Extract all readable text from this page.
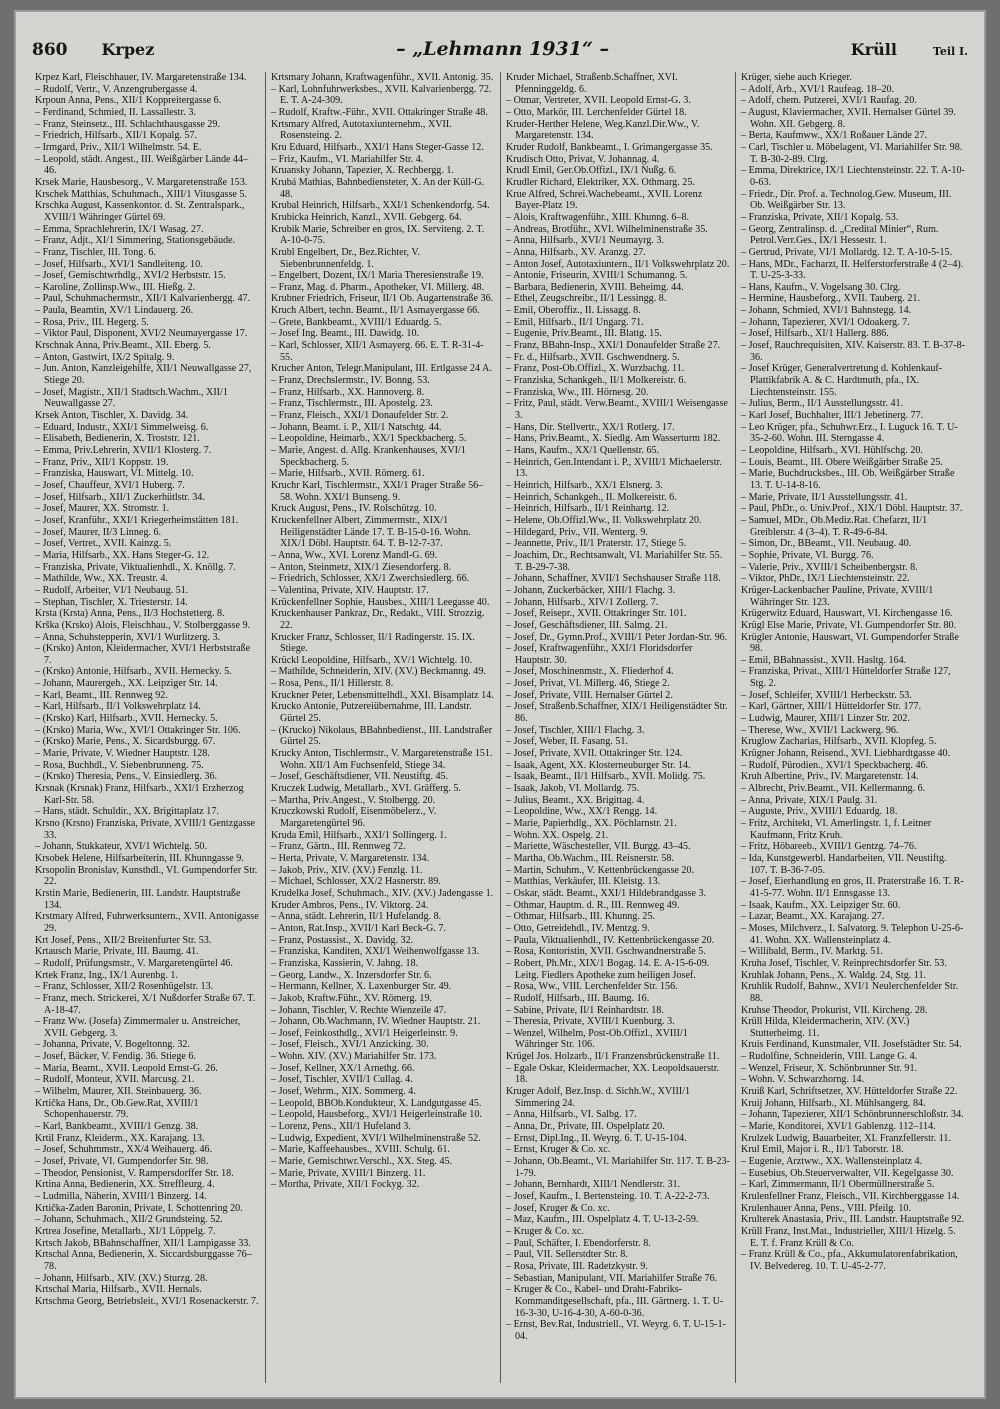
860 Krpez	– „Lehmann 1931“ –	Krüll	Teil I.

Krpez Karl, Fleischhauer, IV. Margaretenstraße 134.

– Rudolf, Vertr., V. Anzengrubergasse 4.

Krpoun Anna, Pens., XII/1 Koppreitergasse 6.

– Ferdinand, Schmied, II. Lassallestr. 3.

– Franz, Steinsetz., III. Schlachthausgasse 29.

– Friedrich, Hilfsarb., XII/1 Kopalg. 57.

– Irmgard, Priv., XII/1 Wilhelmstr. 54. E.

– Leopold, städt. Angest., III. Weißgärber Lände 44–46.

Krsek Marie, Hausbesorg., V. Margaretenstraße 153.

Krschek Matthias, Schuhmach., XIII/1 Vitusgasse 5.

Krschka August, Kassenkontor. d. St. Zentralspark., XVIII/1 Währinger Gürtel 69.

– Emma, Sprachlehrerin, IX/1 Wasag. 27.

– Franz, Adjt., XI/1 Simmering, Stationsgebäude.

– Franz, Tischler, III. Tong. 6.

– Josef, Hilfsarb., XVI/1 Sandleiteng. 10.

– Josef, Gemischtwrhdlg., XVI/2 Herbststr. 15.

– Karoline, Zollinsp.Ww., III. Hießg. 2.

– Paul, Schuhmachermstr., XII/1 Kalvarienbergg. 47.

– Paula, Beamtin, XV/1 Lindauerg. 26.

– Rosa, Priv., III. Hegerg. 5.

– Viktor Paul, Disponent, XVI/2 Neumayergasse 17.

Krschnak Anna, Priv.Beamt., XII. Eberg. 5.

– Anton, Gastwirt, IX/2 Spitalg. 9.

– Jun. Anton, Kanzleigehilfe, XII/1 Neuwallgasse 27, Stiege 20.

– Josef, Magistr., XII/1 Stadtsch.Wachm., XII/1 Neuwallgasse 27.

Krsek Anton, Tischler, X. Davidg. 34.

– Eduard, Industr., XXI/1 Simmelweisg. 6.

– Elisabeth, Bedienerin, X. Troststr. 121.

– Emma, Priv.Lehrerin, XVII/1 Klosterg. 7.

– Franz, Priv., XII/1 Koppstr. 19.

– Franziska, Hauswart, VI. Mittelg. 10.

– Josef, Chauffeur, XVI/1 Huberg. 7.

– Josef, Hilfsarb., XII/1 Zuckerhütlstr. 34.

– Josef, Maurer, XX. Stromstr. 1.

– Josef, Kranführ., XXI/1 Kriegerheimstätten 181.

– Josef, Maurer, II/3 Linneg. 6.

– Josef, Vertret., XVII. Kainzg. 5.

– Maria, Hilfsarb., XX. Hans Steger-G. 12.

– Franziska, Private, Viktualienhdl., X. Knöllg. 7.

– Mathilde, Ww., XX. Treustr. 4.

– Rudolf, Arbeiter, VI/1 Neubaug. 51.

– Stephan, Tischler, X. Triesterstr. 14.

Krsta (Krsta) Anna, Pens., II/3 Hochstetterg. 8.

Krška (Krsko) Alois, Fleischhau., V. Stolberggasse 9.

– Anna, Schuhstepperin, XVI/1 Wurlitzerg. 3.

– (Krsko) Anton, Kleidermacher, XVI/1 Herbststraße 7.

– (Krsko) Antonie, Hilfsarb., XVII. Hernecky. 5.

– Johann, Maurergeh., XX. Leipziger Str. 14.

– Karl, Beamt., III. Rennweg 92.

– Karl, Hilfsarb., II/1 Volkswehrplatz 14.

– (Krsko) Karl, Hilfsarb., XVII. Hernecky. 5.

– (Krsko) Maria, Ww., XVI/1 Ottakringer Str. 106.

– (Krsko) Marie, Pens., X. Sicardsburgg. 67.

– Marie, Private, V. Wiedner Hauptstr. 128.

– Rosa, Buchhdl., V. Siebenbrunneng. 75.

– (Krsko) Theresia, Pens., V. Einsiedlerg. 36.

Krsnak (Krsnak) Franz, Hilfsarb., XXI/1 Erzherzog Karl-Str. 58.

– Hans, städt. Schuldir., XX. Brigittaplatz 17.

Krsno (Krsno) Franziska, Private, XVIII/1 Gentzgasse 33.

– Johann, Stukkateur, XVI/1 Wichtelg. 50.

Krsobek Helene, Hilfsarbeiterin, III. Khunngasse 9.

Krsopolin Bronislav, Kunsthdl., VI. Gumpendorfer Str. 22.

Krstin Marie, Bedienerin, III. Landstr. Hauptstraße 134.

Krstmary Alfred, Fuhrwerksuntern., XVII. Antonigasse 29.

Krt Josef, Pens., XII/2 Breitenfurter Str. 53.

Krtausch Marie, Private, III. Baumg. 41.

– Rudolf, Prüfungsmstr., V. Margaretengürtel 46.

Krtek Franz, Ing., IX/1 Aurenbg. 1.

– Franz, Schlosser, XII/2 Rosenhügelstr. 13.

– Franz, mech. Strickerei, X/1 Nußdorfer Straße 67. T. A-18-47.

– Franz Ww. (Josefa) Zimmermaler u. Anstreicher, XVII. Gebgerg. 3.

– Johanna, Private, V. Bogeltonng. 32.

– Josef, Bäcker, V. Fendig. 36. Stiege 6.

– Maria, Beamt., XVII. Leopold Ernst-G. 26.

– Rudolf, Monteur, XVII. Marcusg. 21.

– Wilhelm, Maurer, XII. Steinbauerg. 36.

Krtička Hans, Dr., Ob.Gew.Rat, XVIII/1 Schopenhauerstr. 79.

– Karl, Bankbeamt., XVIII/1 Genzg. 38.

Krtil Franz, Kleiderm., XX. Karajang. 13.

– Josef, Schuhmmstr., XX/4 Weihauerg. 46.

– Josef, Private, VI. Gumpendorfer Str. 98.

– Theodor, Pensionist, V. Rampersdorffer Str. 18.

Krtina Anna, Bedienerin, XX. Streffleurg. 4.

– Ludmilla, Näherin, XVIII/1 Binzerg. 14.

Krtička-Zaden Baronin, Private, I. Schottenring 20.

– Johann, Schuhmach., XII/2 Grundsteing. 52.

Krtrea Josefine, Metallarb., XI/1 Löppelg. 7.

Krtsch Jakob, BBahnschaffner, XII/1 Lampigasse 33.

Krtschal Anna, Bedienerin, X. Siccardsburggasse 76–78.

– Johann, Hilfsarb., XIV. (XV.) Sturzg. 28.

Krtschal Maria, Hilfsarb., XVII. Hernals.

Krtschma Georg, Betriebsleit., XVI/1 Rosenackerstr. 7.

Krtsmary Johann, Kraftwagenführ., XVII. Antonig. 35.

– Karl, Lohnfuhrwerksbes., XVII. Kalvarienbergg. 72. E. T. A-24-309.

– Rudolf, Kraftw.-Führ., XVII. Ottakringer Straße 48.

Krtsmary Alfred, Autotaxiunternehm., XVII. Rosensteing. 2.

Kru Eduard, Hilfsarb., XXI/1 Hans Steger-Gasse 12.

– Friz, Kaufm., VI. Mariahilfer Str. 4.

Kruansky Johann, Tapezier, X. Rechbergg. 1.

Krubá Mathias, Bahnbediensteter, X. An der Küll-G. 48.

Krubal Heinrich, Hilfsarb., XXI/1 Schenkendorfg. 54.

Krubicka Heinrich, Kanzl., XVII. Gebgerg. 64.

Krubik Marie, Schreiber en gros, IX. Serviteng. 2. T. A-10-0-75.

Krubl Engelbert, Dr., Bez.Richter, V. Siebenbrunnenfeldg. 1.

– Engelbert, Dozent, IX/1 Maria Theresienstraße 19.

– Franz, Mag. d. Pharm., Apotheker, VI. Millerg. 48.

Krubner Friedrich, Friseur, II/1 Ob. Augartenstraße 36.

Kruch Albert, techn. Beamt., II/1 Asmayergasse 66.

– Grete, Bankbeamt., XVIII/1 Eduardg. 5.

– Josef Ing. Beamt., III. Dawidg. 10.

– Karl, Schlosser, XII/1 Asmayerg. 66. E. T. R-31-4-55.

Krucher Anton, Telegr.Manipulant, III. Ertlgasse 24 A.

– Franz, Drechslermstr., IV. Bonng. 53.

– Franz, Hilfsarb., XX. Hannoverg. 8.

– Franz, Tischlermstr., III. Apostelg. 23.

– Franz, Fleisch., XXI/1 Donaufelder Str. 2.

– Johann, Beamt. i. P., XII/1 Natschtg. 44.

– Leopoldine, Heimarb., XX/1 Speckbacherg. 5.

– Marie, Angest. d. Allg. Krankenhauses, XVI/1 Speckbacherg. 5.

– Marie, Hilfsarb., XVII. Römerg. 61.

Kruchr Karl, Tischlermstr., XXI/1 Prager Straße 56–58. Wohn. XXI/1 Bunseng. 9.

Kruck August, Pens., IV. Rolschützg. 10.

Kruckenfellner Albert, Zimmermstr., XIX/1 Heiligenstädter Lände 17. T. B-15-0-16. Wohn. XIX/1 Döbl. Hauptstr. 64. T. B-12-7-37.

– Anna, Ww., XVI. Lorenz Mandl-G. 69.

– Anton, Steinmetz, XIX/1 Ziesendorferg. 8.

– Friedrich, Schlosser, XX/1 Zwerchsiedlerg. 66.

– Valentina, Private, XIV. Hauptstr. 17.

Krückenfellner Sophie, Hausbes., XIII/1 Leegasse 40.

Kruckenhauser Pankraz, Dr., Redakt., VIII. Strozzig. 22.

Krucker Franz, Schlosser, II/1 Radingerstr. 15. IX. Stiege.

Krückl Leopoldine, Hilfsarb., XV/1 Wichtelg. 10.

– Mathilde, Schneiderin, XIV. (XV.) Beckmanng. 49.

– Rosa, Pens., II/1 Hillerstr. 8.

Kruckner Peter, Lebensmittelhdl., XXI. Bisamplatz 14.

Krucko Antonie, Putzereiübernahme, III. Landstr. Gürtel 25.

– (Krucko) Nikolaus, BBahnbedienst., III. Landstraßer Gürtel 25.

Krucky Anton, Tischlermstr., V. Margaretenstraße 151. Wohn. XII/1 Am Fuchsenfeld, Stiege 34.

– Josef, Geschäftsdiener, VII. Neustiftg. 45.

Kruczek Ludwig, Metallarb., XVI. Gräfferg. 5.

– Martha, Priv.Angest., V. Stolbergg. 20.

Kruczkowski Rudolf, Eisenmöbelerz., V. Margaretengürtel 96.

Kruda Emil, Hilfsarb., XXI/1 Sollingerg. 1.

– Franz, Gärtn., III. Rennweg 72.

– Herta, Private, V. Margaretenstr. 134.

– Jakob, Priv., XIV. (XV.) Fenzlg. 11.

– Michael, Schlosser, XX/2 Hasnerstr. 89.

Krudelka Josef, Schuhmach., XIV. (XV.) Jadengasse 1.

Kruder Ambros, Pens., IV. Viktorg. 24.

– Anna, städt. Lehrerin, II/1 Hufelandg. 8.

– Anton, Rat.Insp., XVII/1 Karl Beck-G. 7.

– Franz, Postassist., X. Davidg. 32.

– Franziska, Kanditen, XXI/1 Weihenwolfgasse 13.

– Franziska, Kassierin, V. Jahng. 18.

– Georg, Landw., X. Inzersdorfer Str. 6.

– Hermann, Kellner, X. Laxenburger Str. 49.

– Jakob, Kraftw.Führ., XV. Römerg. 19.

– Johann, Tischler, V. Rechte Wienzeile 47.

– Johann, Ob.Wachmann, IV. Wiedner Hauptstr. 21.

– Josef, Feinkosthdlg., XVI/1 Heigerleinstr. 9.

– Josef, Fleisch., XVI/1 Anzicking. 30.

– Wohn. XIV. (XV.) Mariahilfer Str. 173.

– Josef, Kellner, XX/1 Arnethg. 66.

– Josef, Tischler, XVII/1 Cullag. 4.

– Josef, Wehrm., XIX. Sommerg. 4.

– Leopold, BBOb.Kondukteur, X. Landgutgasse 45.

– Leopold, Hausbeforg., XVI/1 Heigerleinstraße 10.

– Lorenz, Pens., XII/1 Hufeland 3.

– Ludwig, Expedient, XVI/1 Wilhelminenstraße 52.

– Marie, Kaffeehausbes., XVIII. Schulg. 61.

– Marie, Gemischtwr.Verschl., XX. Steg. 45.

– Marie, Private, XVIII/1 Binzerg. 11.

– Mortha, Private, XII/1 Fockyg. 32.

Kruder Michael, Straßenb.Schaffner, XVI. Pfenninggeldg. 6.

– Otmar, Vertreter, XVII. Leopold Ernst-G. 3.

– Otto, Markör, III. Lerchenfelder Gürtel 18.

Kruder-Herther Helene, Weg.Kanzl.Dir.Ww., V. Margaretenstr. 134.

Kruder Rudolf, Bankbeamt., I. Grimangergasse 35.

Krudisch Otto, Privat, V. Johannag. 4.

Krudl Emil, Ger.Ob.Offizl., IX/1 Nußg. 6.

Krudler Richard, Elektriker, XX. Othmarg. 25.

Krue Alfred, Schrei.Wachebeamt., XVII. Lorenz Bayer-Platz 19.

– Alois, Kraftwagenführ., XIII. Khunng. 6–8.

– Andreas, Brotführ., XVI. Wilhelminenstraße 35.

– Anna, Hilfsarb., XVI/1 Neumayrg. 3.

– Anna, Hilfsarb., XV. Aranzg. 27.

– Anton Josef, Autotaxiuntern., II/1 Volkswehrplatz 20.

– Antonie, Friseurin, XVIII/1 Schumanng. 5.

– Barbara, Bedienerin, XVIII. Beheimg. 44.

– Ethel, Zeugschreibr., II/1 Lessingg. 8.

– Emil, Oberoffiz., II. Lissagg. 8.

– Emil, Hilfsarb., II/1 Ungarg. 71.

– Eugenie, Priv.Beamt., III. Blattg. 15.

– Franz, BBahn-Insp., XXI/1 Donaufelder Straße 27.

– Fr. d., Hilfsarb., XVII. Gschwendnerg. 5.

– Franz, Post-Ob.Offizl., X. Wurzbachg. 11.

– Franziska, Schankgeh., II/1 Molkereistr. 6.

– Franziska, Ww., III. Hörnesg. 20.

– Fritz, Paul, städt. Verw.Beamt., XVIII/1 Weisengasse 3.

– Hans, Dir. Stellvertr., XX/1 Rotlerg. 17.

– Hans, Priv.Beamt., X. Siedlg. Am Wasserturm 182.

– Hans, Kaufm., XX/1 Quellenstr. 65.

– Heinrich, Gen.Intendant i. P., XVIII/1 Michaelerstr. 13.

– Heinrich, Hilfsarb., XX/1 Elsnerg. 3.

– Heinrich, Schankgeh., II. Molkereistr. 6.

– Heinrich, Hilfsarb., II/1 Reinhartg. 12.

– Helene, Ob.Offizl.Ww., II. Volkswehrplatz 20.

– Hildegard, Priv., VII. Wenterg. 9.

– Jeannette, Priv., II/1 Praterstr. 17, Stiege 5.

– Joachim, Dr., Rechtsanwalt, VI. Mariahilfer Str. 55. T. B-29-7-38.

– Johann, Schaffner, XVII/1 Sechshauser Straße 118.

– Johann, Zuckerbäcker, XIII/1 Flachg. 3.

– Johann, Hilfsarb., XIV/1 Zollerg. 7.

– Josef, Reisepr., XVII. Ottakringer Str. 101.

– Josef, Geschäftsdiener, III. Salmg. 21.

– Josef, Dr., Gymn.Prof., XVIII/1 Peter Jordan-Str. 96.

– Josef, Kraftwagenführ., XXI/1 Floridsdorfer Hauptstr. 30.

– Josef, Moschinenmstr., X. Fliederhof 4.

– Josef, Privat, VI. Millerg. 46, Stiege 2.

– Josef, Private, VIII. Hernalser Gürtel 2.

– Josef, Straßenb.Schaffner, XIX/1 Heiligenstädter Str. 86.

– Josef, Tischler, XIII/1 Flachg. 3.

– Josef, Weber, II. Fasang. 51.

– Josef, Private, XVII. Ottakringer Str. 124.

– Isaak, Agent, XX. Klosterneuburger Str. 14.

– Isaak, Beamt., II/1 Hilfsarb., XVII. Molidg. 75.

– Isaak, Jakob, VI. Mollardg. 75.

– Julius, Beamt., XX. Brigittag. 4.

– Leopoldine, Ww., XX/1 Rengg. 14.

– Marie, Papierhdlg., XX. Pöchlarnstr. 21.

– Wohn. XX. Ospelg. 21.

– Mariette, Wäschesteller, VII. Burgg. 43–45.

– Martha, Ob.Wachm., III. Reisnerstr. 58.

– Martin, Schuhm., V. Kettenbrückengasse 20.

– Matthias, Verkäufer, III. Kleistg. 13.

– Oskar, städt. Beamt., XXI/1 Hildebrandgasse 3.

– Othmar, Hauptm. d. R., III. Rennweg 49.

– Othmar, Hilfsarb., III. Khunng. 25.

– Otto, Getreidehdl., IV. Mentzg. 9.

– Paula, Viktualienhdl., IV. Kettenbrückengasse 20.

– Rosa, Kontoristin, XVII. Gschwandnerstraße 5.

– Robert, Ph.Mr., XIX/1 Bogag. 14. E. A-15-6-09. Leitg. Fiedlers Apotheke zum heiligen Josef.

– Rosa, Ww., VIII. Lerchenfelder Str. 156.

– Rudolf, Hilfsarb., III. Baumg. 16.

– Sabine, Private, II/1 Reinhardtstr. 18.

– Theresia, Private, XVIII/1 Kuenburg. 3.

– Wenzel, Wilhelm, Post-Ob.Offizl., XVIII/1 Währinger Str. 106.

Krügel Jos. Holzarb., II/1 Franzensbrückenstraße 11.

– Egale Oskar, Kleidermacher, XX. Leopoldsauerstr. 18.

Kruger Adolf, Bez.Insp. d. Sichh.W., XVIII/1 Simmering 24.

– Anna, Hilfsarb., VI. Salbg. 17.

– Anna, Dr., Private, III. Ospelplatz 20.

– Ernst, Dipl.Ing., II. Weyrg. 6. T. U-15-104.

– Ernst, Kruger & Co. xc.

– Johann, Ob.Beamt., VI. Mariahilfer Str. 117. T. B-23-1-79.

– Johann, Bernhardt, XIII/1 Nendlerstr. 31.

– Josef, Kaufm., I. Bertensteing. 10. T. A-22-2-73.

– Josef, Kruger & Co. xc.

– Maz, Kaufm., III. Ospelplatz 4. T. U-13-2-59.

– Kruger & Co. xc.

– Paul, Schäfter, I. Ebendorferstr. 8.

– Paul, VII. Sellerstdter Str. 8.

– Rosa, Private, III. Radetzkystr. 9.

– Sebastian, Manipulant, VII. Mariahilfer Straße 76.

– Kruger & Co., Kabel- und Draht-Fabriks-Kommanditgesellschaft, pfa., III. Gärtnerg. 1. T. U-16-3-30, U-16-4-30, A-60-0-36.

– Ernst, Bev.Rat, Industriell., VI. Weyrg. 6. T. U-15-1-04.

Krüger, siehe auch Krieger.

– Adolf, Arb., XVI/1 Raufeag. 18–20.

– Adolf, chem. Putzerei, XVI/1 Raufag. 20.

– August, Klaviermacher, XVII. Hernalser Gürtel 39. Wohn. XII. Gebgerg. 8.

– Berta, Kaufmww., XX/1 Roßauer Lände 27.

– Carl, Tischler u. Möbelagent, VI. Mariahilfer Str. 98. T. B-30-2-89. Clrg.

– Emma, Direktrice, IX/1 Liechtensteinstr. 22. T. A-10-0-63.

– Friedr., Dir. Prof. a. Technolog.Gew. Museum, III. Ob. Weißgärber Str. 13.

– Franziska, Private, XII/1 Kopalg. 53.

– Georg, Zentralinsp. d. „Credital Minier“, Rum. Petrol.Verr.Ges., IX/1 Hessestr. 1.

– Gertrud, Private, VI/1 Mollardg. 12. T. A-10-5-15.

– Hans, MDr., Facharzt, II. Helferstorferstraße 4 (2–4). T. U-25-3-33.

– Hans, Kaufm., V. Vogelsang 30. Clrg.

– Hermine, Hausbeforg., XVII. Tauberg. 21.

– Johann, Schmied, XVI/1 Bahnstegg. 14.

– Johann, Tapezierer, XVI/1 Odoakerg. 7.

– Josef, Hilfsarb., XI/1 Hallerg. 886.

– Josef, Rauchrequisiten, XIV. Kaiserstr. 83. T. B-37-8-36.

– Josef Krüger, Generalvertretung d. Kohlenkauf-Plattikfabrik A. & C. Hardtmuth, pfa., IX. Liechtensteinstr. 155.

– Julius, Berm., II/1 Ausstellungsstr. 41.

– Karl Josef, Buchhalter, III/1 Jebetinerg. 77.

– Leo Krüger, pfa., Schuhwr.Erz., I. Luguck 16. T. U-35-2-60. Wohn. III. Sterngasse 4.

– Leopoldine, Hilfsarb., XVI. Hühlfschg. 20.

– Louis, Beamt., III. Obere Weißgärber Straße 25.

– Marie, Buchdrucksbes., III. Ob. Weißgärber Straße 13. T. U-14-8-16.

– Marie, Private, II/1 Ausstellungsstr. 41.

– Paul, PhDr., o. Univ.Prof., XIX/1 Döbl. Hauptstr. 37.

– Samuel, MDr., Ob.Mediz.Rat. Chefarzt, II/1 Greiblerstr. 4 (3–4). T. R-49-6-84.

– Simon, Dr., BBeamt., VII. Neubaug. 40.

– Sophie, Private, VI. Burgg. 76.

– Valerie, Priv., XVIII/1 Scheibenbergstr. 8.

– Viktor, PhDr., IX/1 Liechtensteinstr. 22.

Krüger-Lackenbacher Pauline, Private, XVIII/1 Währinger Str. 123.

Krügerwitz Eduard, Hauswart, VI. Kirchengasse 16.

Krügl Else Marie, Private, VI. Gumpendorfer Str. 80.

Krügler Antonie, Hauswart, VI. Gumpendorfer Straße 98.

– Emil, BBahnassist., XVII. Hasltg. 164.

– Franziska, Privat., XIII/1 Hütteldorfer Straße 127, Stg. 2.

– Josef, Schleifer, XVIII/1 Herbeckstr. 53.

– Karl, Gärtner, XIII/1 Hütteldorfer Str. 177.

– Ludwig, Maurer, XIII/1 Linzer Str. 202.

– Therese, Ww., XVII/1 Lackwerg. 96.

Kruglow Zacharias, Hilfsarb., XVII. Klopfeg. 5.

Krügner Johann, Reisend., XVI. Liebhardtgasse 40.

– Rudolf, Pürodien., XVI/1 Speckbacherg. 46.

Kruh Albertine, Priv., IV. Margaretenstr. 14.

– Albrecht, Priv.Beamt., VII. Kellermanng. 6.

– Anna, Private, XIX/1 Paulg. 31.

– Auguste, Priv., XVIII/1 Eduardg. 18.

– Fritz, Architekt, VI. Amerlingstr. 1, f. Leitner Kaufmann, Fritz Kruh.

– Fritz, Höbareeb., XVIII/1 Gentzg. 74–76.

– Ida, Kunstgewerbl. Handarbeiten, VII. Neustiftg. 107. T. B-36-7-05.

– Josef, Eierhandlung en gros, II. Praterstraße 16. T. R-41-5-77. Wohn. II/1 Ennsgasse 13.

– Isaak, Kaufm., XX. Leipziger Str. 60.

– Lazar, Beamt., XX. Karajang. 27.

– Moses, Milchverz., I. Salvatorg. 9. Telephon U-25-6-41. Wohn. XX. Wallensteinplatz 4.

– Willibald, Berm., IV. Marktg. 51.

Kruha Josef, Tischler, V. Reinprechtsdorfer Str. 53.

Kruhlak Johann, Pens., X. Waldg. 24, Stg. 11.

Kruhlik Rudolf, Bahnw., XVI/1 Neulerchenfelder Str. 88.

Kruhse Theodor, Prokurist, VII. Kircheng. 28.

Krüll Hilda, Kleidermacherin, XIV. (XV.) Stutterheimg. 11.

Kruis Ferdinand, Kunstmaler, VII. Josefstädter Str. 54.

– Rudolfine, Schneiderin, VIII. Lange G. 4.

– Wenzel, Friseur, X. Schönbrunner Str. 91.

– Wohn. V. Schwarzhorng. 14.

Kruiß Karl, Schriftsetzer, XV. Hütteldorfer Straße 22.

Kruij Johann, Hilfsarb., XI. Mühlsangerg. 84.

– Johann, Tapezierer, XII/1 Schönbrunnerschloßstr. 34.

– Marie, Konditorei, XVI/1 Gablenzg. 112–114.

Krulzek Ludwig, Bauarbeiter, XI. Franzfellerstr. 11.

Krul Emil, Major i. R., II/1 Taborstr. 18.

– Eugenie, Arztww., XX. Wallensteinplatz 4.

– Eusebius, Ob.Steuerverwalter, VII. Kegelgasse 30.

– Karl, Zimmermann, II/1 Obermüllnerstraße 5.

Krulenfellner Franz, Fleisch., VII. Kirchberggasse 14.

Krulenhauer Anna, Pens., VIII. Pfeilg. 10.

Krulterek Anastasia, Priv., III. Landstr. Hauptstraße 92.

Krüll Franz, Inst.Mat., Industrieller, XIII/1 Hizelg. 5. E. T. f. Franz Krüll & Co.

– Franz Krüll & Co., pfa., Akkumulatorenfabrikation, IV. Belvedereg. 10. T. U-45-2-77.
